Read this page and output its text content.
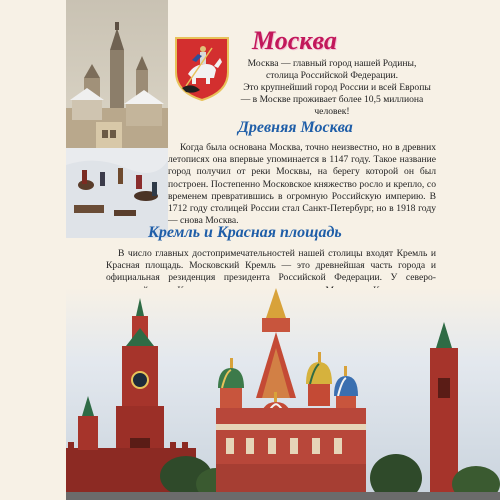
Москва

Москва — главный город нашей Родины, столица Российской Федерации.

Это крупнейший город России и всей Европы — в Москве проживает более 10,5 миллиона человек!

Древняя Москва

Когда была основана Москва, точно неизвестно, но в древних летописях она впервые упоминается в 1147 году. Такое название город получил от реки Москвы, на берегу которой он был построен. Постепенно Московское княжество росло и крепло, со временем превратившись в огромную Российскую империю. В 1712 году столицей России стал Санкт-Петербург, но в 1918 году — снова Москва.

Кремль и Красная площадь

В число главных достопримечательностей нашей столицы входят Кремль и Красная площадь. Московский Кремль — это древнейшая часть города и официальная резиденция президента Российской Федерации. У северо-
